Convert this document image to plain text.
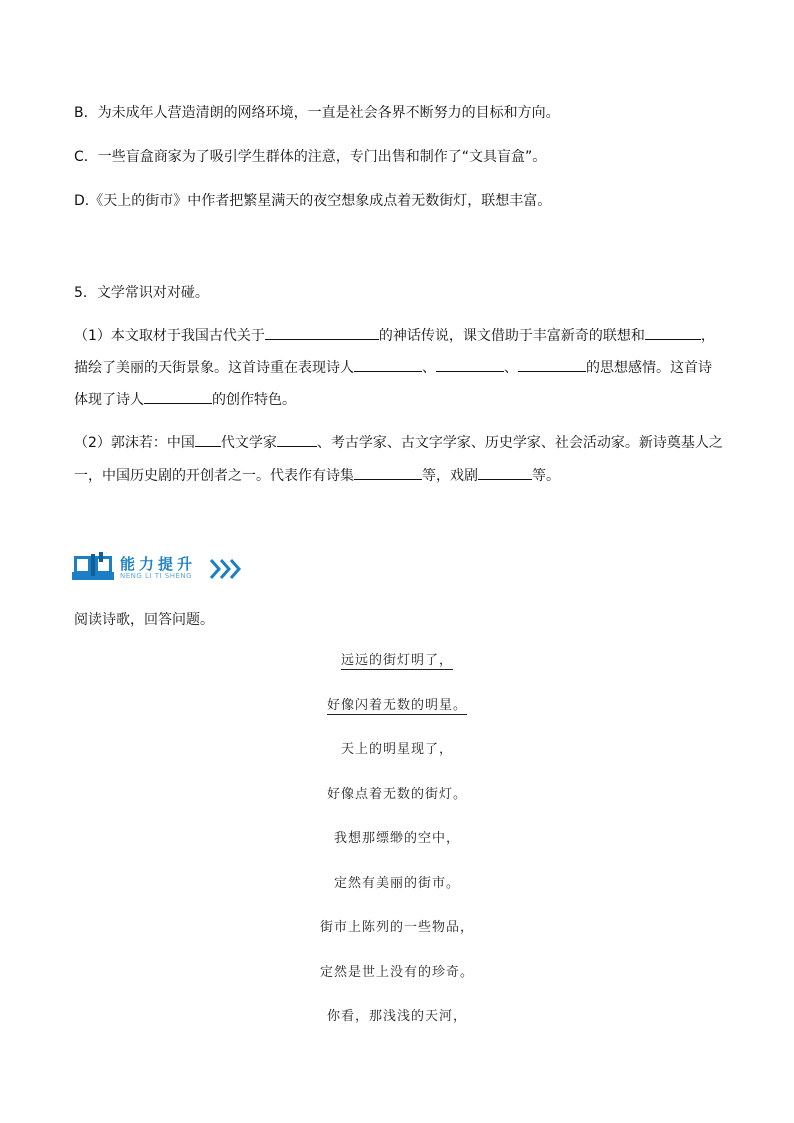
B．为未成年人营造清朗的网络环境，一直是社会各界不断努力的目标和方向。
C．一些盲盒商家为了吸引学生群体的注意，专门出售和制作了“文具盲盒”。
D.《天上的街市》中作者把繁星满天的夜空想象成点着无数街灯，联想丰富。
5．文学常识对对碰。
（1）本文取材于我国古代关于	的神话传说，课文借助于丰富新奇的联想和	，
描绘了美丽的天街景象。这首诗重在表现诗人	、	、	的思想感情。这首诗
体现了诗人	的创作特色。
（2）郭沫若：中国 代文学家	、考古学家、古文字学家、历史学家、社会活动家。新诗奠基人之
一，中国历史剧的开创者之一。代表作有诗集	等，戏剧	等。
能力提升
NENG LI TI SHENG
阅读诗歌，回答问题。
远远的街灯明了，
好像闪着无数的明星。
天上的明星现了，
好像点着无数的街灯。
我想那缥缈的空中，
定然有美丽的街市。
街市上陈列的一些物品，
定然是世上没有的珍奇。
你看，那浅浅的天河，
